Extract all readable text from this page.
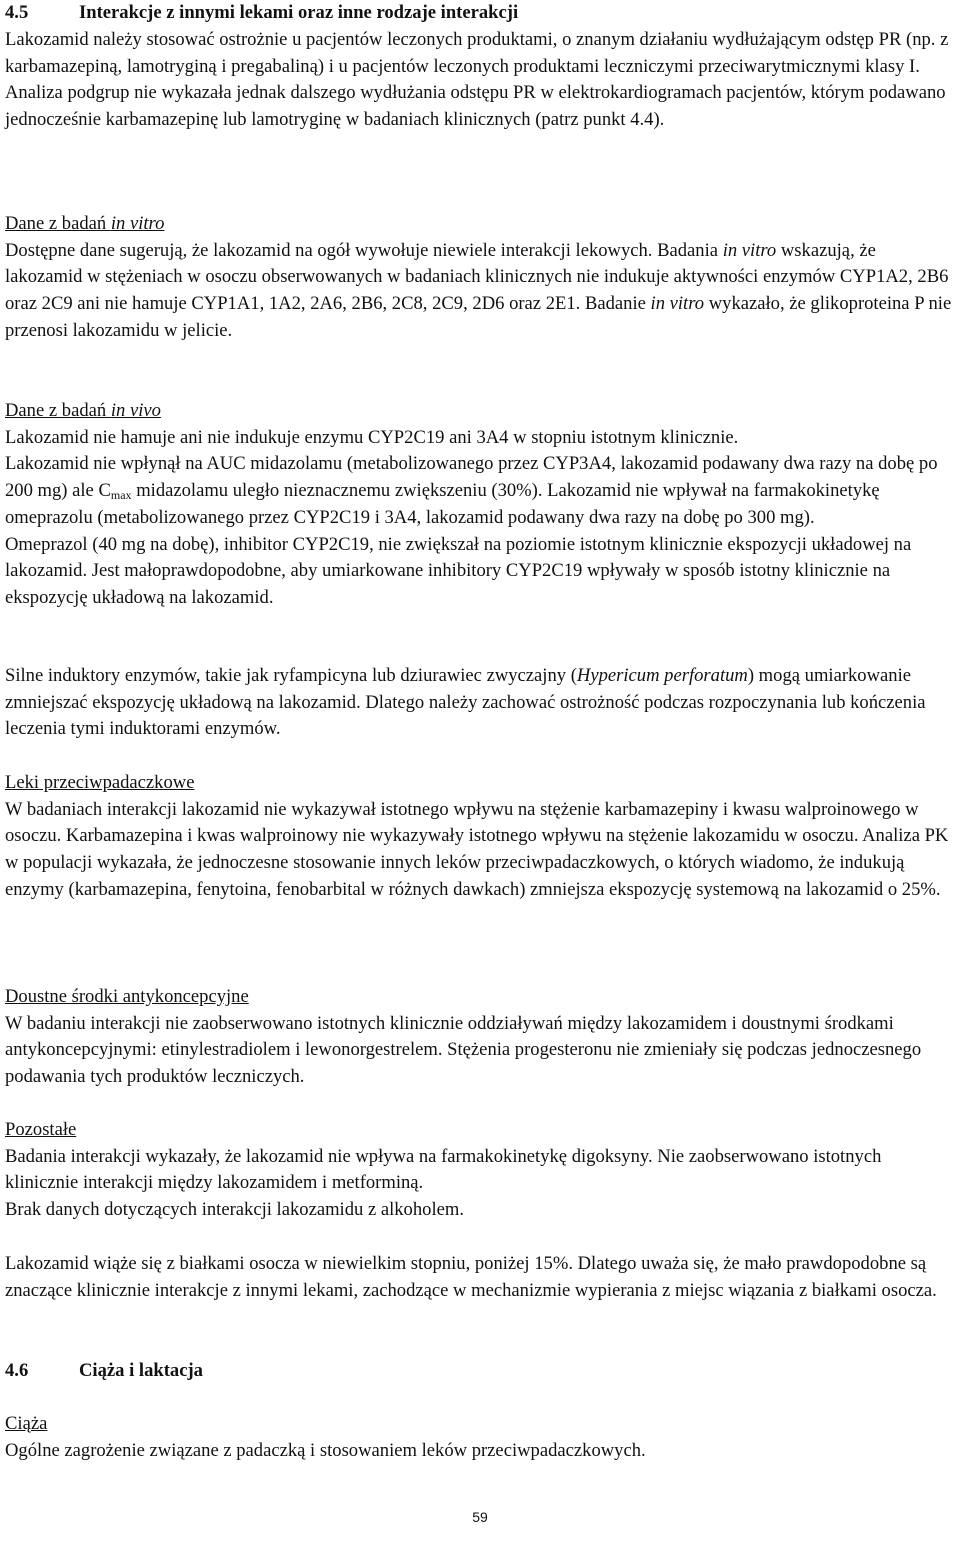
4.5	Interakcje z innymi lekami oraz inne rodzaje interakcji

Lakozamid należy stosować ostrożnie u pacjentów leczonych produktami, o znanym działaniu wydłużającym odstęp PR (np. z karbamazepiną, lamotryginą i pregabaliną) i u pacjentów leczonych produktami leczniczymi przeciwarytmicznymi klasy I. Analiza podgrup nie wykazała jednak dalszego wydłużania odstępu PR w elektrokardiogramach pacjentów, którym podawano jednocześnie karbamazepinę lub lamotryginę w badaniach klinicznych (patrz punkt 4.4).

Dane z badań in vitro

Dostępne dane sugerują, że lakozamid na ogół wywołuje niewiele interakcji lekowych. Badania in vitro wskazują, że lakozamid w stężeniach w osoczu obserwowanych w badaniach klinicznych nie indukuje aktywności enzymów CYP1A2, 2B6 oraz 2C9 ani nie hamuje CYP1A1, 1A2, 2A6, 2B6, 2C8, 2C9, 2D6 oraz 2E1. Badanie in vitro wykazało, że glikoproteina P nie przenosi lakozamidu w jelicie.

Dane z badań in vivo

Lakozamid nie hamuje ani nie indukuje enzymu CYP2C19 ani 3A4 w stopniu istotnym klinicznie.

Lakozamid nie wpłynął na AUC midazolamu (metabolizowanego przez CYP3A4, lakozamid podawany dwa razy na dobę po 200 mg) ale Cmax midazolamu uległo nieznacznemu zwiększeniu (30%). Lakozamid nie wpływał na farmakokinetykę omeprazolu (metabolizowanego przez CYP2C19 i 3A4, lakozamid podawany dwa razy na dobę po 300 mg).

Omeprazol (40 mg na dobę), inhibitor CYP2C19, nie zwiększał na poziomie istotnym klinicznie ekspozycji układowej na lakozamid. Jest małoprawdopodobne, aby umiarkowane inhibitory CYP2C19 wpływały w sposób istotny klinicznie na ekspozycję układową na lakozamid.

Silne induktory enzymów, takie jak ryfampicyna lub dziurawiec zwyczajny (Hypericum perforatum) mogą umiarkowanie zmniejszać ekspozycję układową na lakozamid. Dlatego należy zachować ostrożność podczas rozpoczynania lub kończenia leczenia tymi induktorami enzymów.

Leki przeciwpadaczkowe

W badaniach interakcji lakozamid nie wykazywał istotnego wpływu na stężenie karbamazepiny i kwasu walproinowego w osoczu. Karbamazepina i kwas walproinowy nie wykazywały istotnego wpływu na stężenie lakozamidu w osoczu. Analiza PK w populacji wykazała, że jednoczesne stosowanie innych leków przeciwpadaczkowych, o których wiadomo, że indukują enzymy (karbamazepina, fenytoina, fenobarbital w różnych dawkach) zmniejsza ekspozycję systemową na lakozamid o 25%.

Doustne środki antykoncepcyjne

W badaniu interakcji nie zaobserwowano istotnych klinicznie oddziaływań między lakozamidem i doustnymi środkami antykoncepcyjnymi: etinylestradiolem i lewonorgestrelem. Stężenia progesteronu nie zmieniały się podczas jednoczesnego podawania tych produktów leczniczych.

Pozostałe

Badania interakcji wykazały, że lakozamid nie wpływa na farmakokinetykę digoksyny. Nie zaobserwowano istotnych klinicznie interakcji między lakozamidem i metforminą.

Brak danych dotyczących interakcji lakozamidu z alkoholem.

Lakozamid wiąże się z białkami osocza w niewielkim stopniu, poniżej 15%. Dlatego uważa się, że mało prawdopodobne są znaczące klinicznie interakcje z innymi lekami, zachodzące w mechanizmie wypierania z miejsc wiązania z białkami osocza.

4.6	Ciąża i laktacja

Ciąża

Ogólne zagrożenie związane z padaczką i stosowaniem leków przeciwpadaczkowych.

59
